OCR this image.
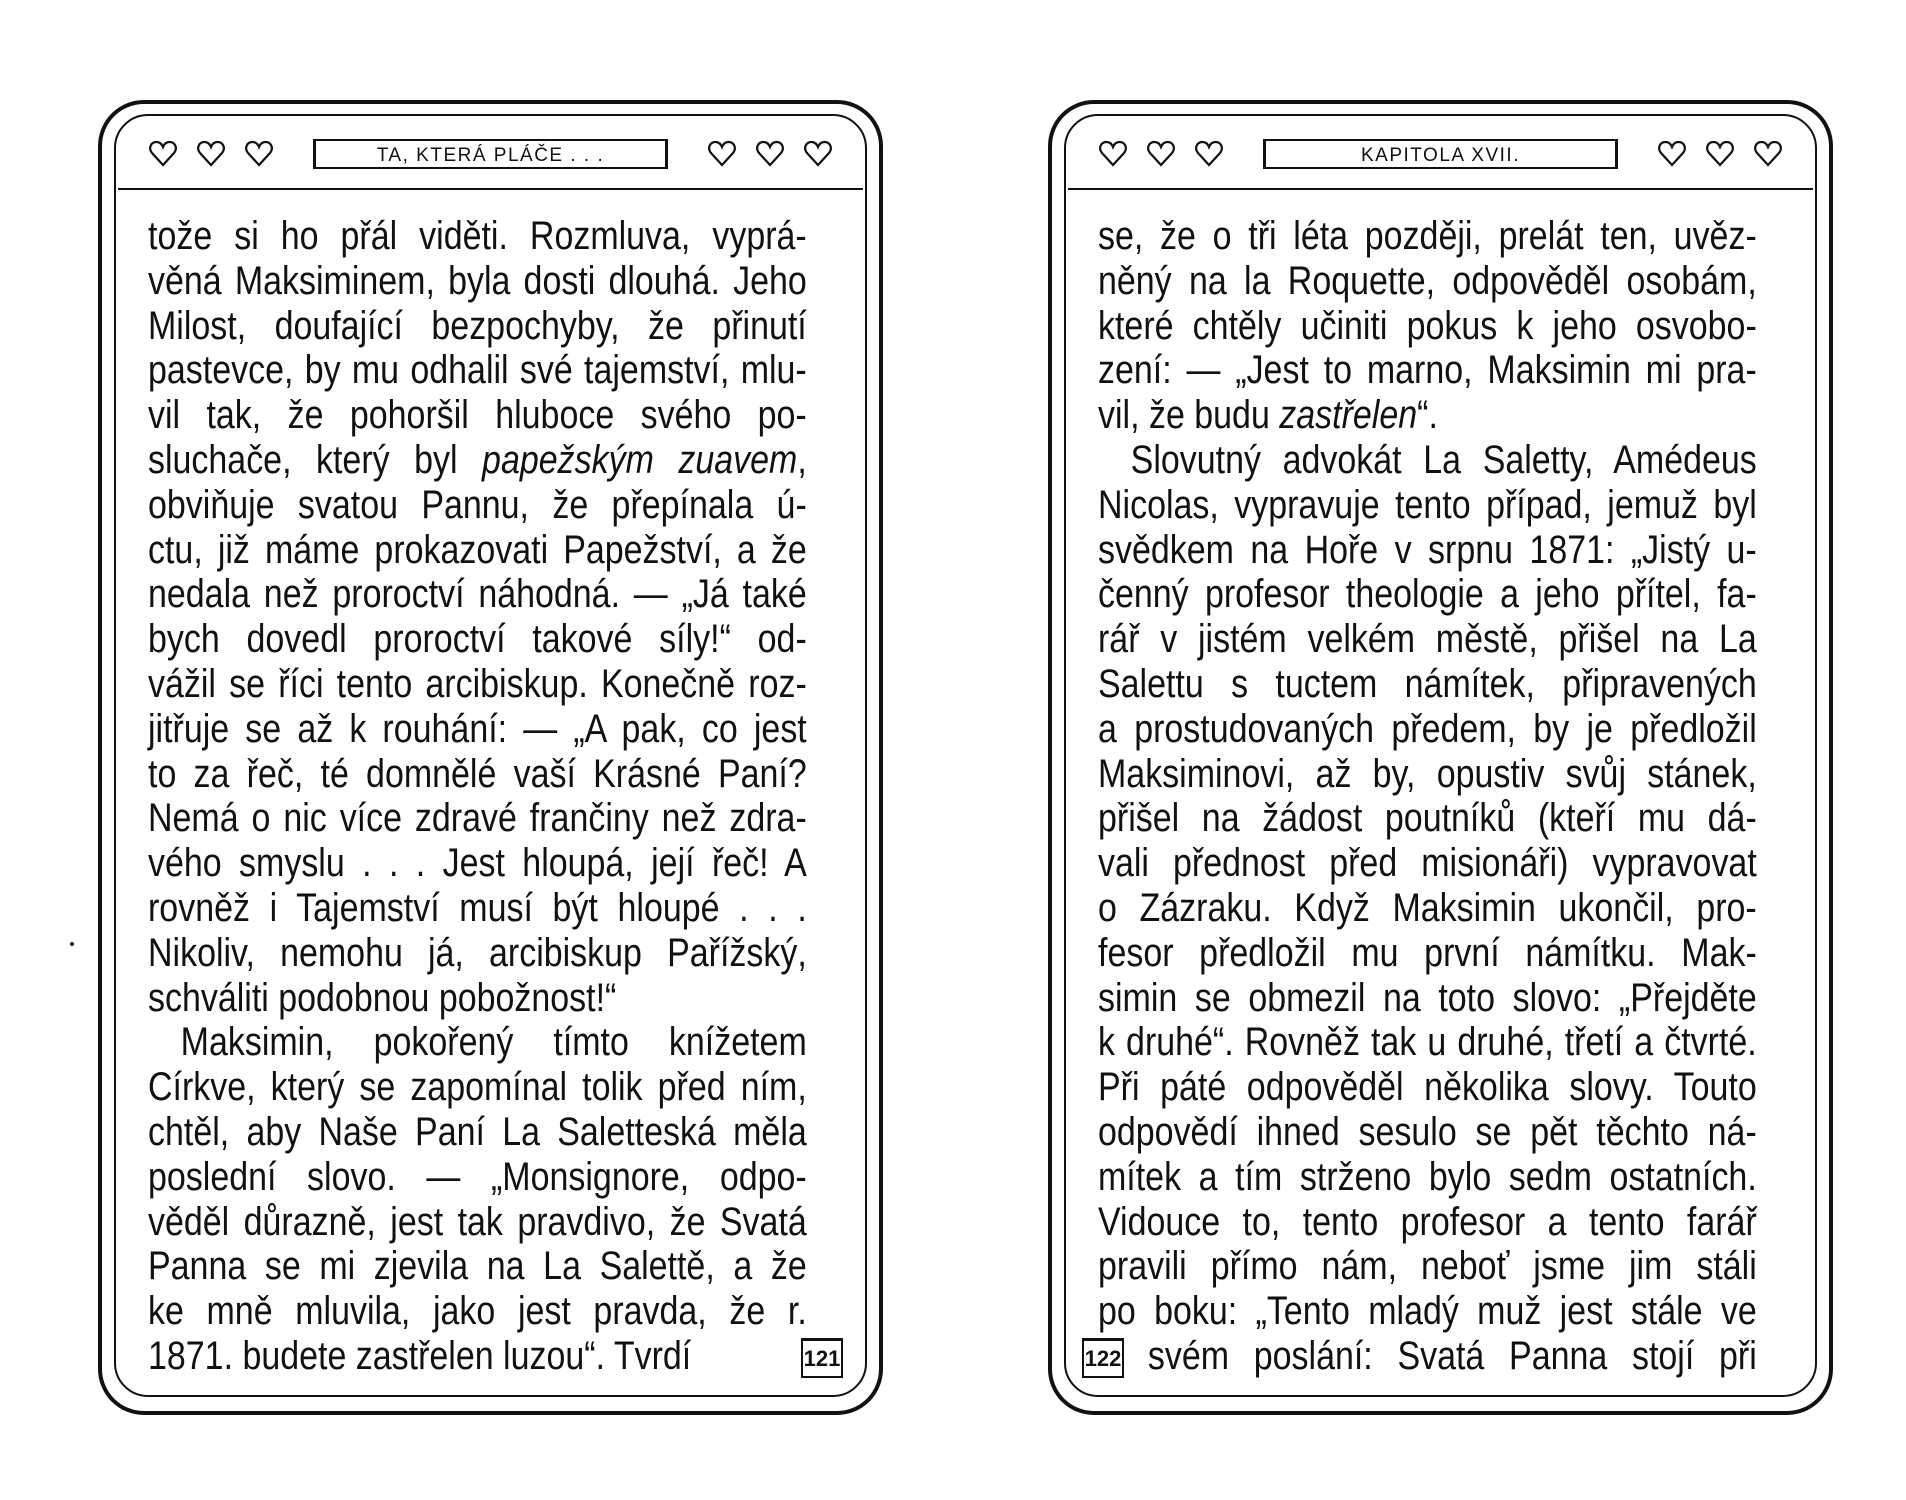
TA, KTERÁ PLÁČE . . .
tože si ho přál viděti. Rozmluva, vyprá-
věná Maksiminem, byla dosti dlouhá. Jeho
Milost, doufající bezpochyby, že přinutí
pastevce, by mu odhalil své tajemství, mlu-
vil tak, že pohoršil hluboce svého po-
sluchače, který byl papežským zuavem,
obviňuje svatou Pannu, že přepínala ú-
ctu, již máme prokazovati Papežství, a že
nedala než proroctví náhodná. — „Já také
bych dovedl proroctví takové síly!“ od-
vážil se říci tento arcibiskup. Konečně roz-
jitřuje se až k rouhání: — „A pak, co jest
to za řeč, té domnělé vaší Krásné Paní?
Nemá o nic více zdravé frančiny než zdra-
vého smyslu . . . Jest hloupá, její řeč! A
rovněž i Tajemství musí být hloupé . . .
Nikoliv, nemohu já, arcibiskup Pařížský,
schváliti podobnou pobožnost!“
Maksimin, pokořený tímto knížetem
Církve, který se zapomínal tolik před ním,
chtěl, aby Naše Paní La Saletteská měla
poslední slovo. — „Monsignore, odpo-
věděl důrazně, jest tak pravdivo, že Svatá
Panna se mi zjevila na La Salettě, a že
ke mně mluvila, jako jest pravda, že r.
1871. budete zastřelen luzou“. Tvrdí	121
KAPITOLA XVII.
se, že o tři léta později, prelát ten, uvěz-
něný na la Roquette, odpověděl osobám,
které chtěly učiniti pokus k jeho osvobo-
zení: — „Jest to marno, Maksimin mi pra-
vil, že budu zastřelen“.
Slovutný advokát La Saletty, Amédeus
Nicolas, vypravuje tento případ, jemuž byl
svědkem na Hoře v srpnu 1871: „Jistý u-
čenný profesor theologie a jeho přítel, fa-
rář v jistém velkém městě, přišel na La
Salettu s tuctem námítek, připravených
a prostudovaných předem, by je předložil
Maksiminovi, až by, opustiv svůj stánek,
přišel na žádost poutníků (kteří mu dá-
vali přednost před misionáři) vypravovat
o Zázraku. Když Maksimin ukončil, pro-
fesor předložil mu první námítku. Mak-
simin se obmezil na toto slovo: „Přejděte
k druhé“. Rovněž tak u druhé, třetí a čtvrté.
Při páté odpověděl několika slovy. Touto
odpovědí ihned sesulo se pět těchto ná-
mítek a tím strženo bylo sedm ostatních.
Vidouce to, tento profesor a tento farář
pravili přímo nám, neboť jsme jim stáli
po boku: „Tento mladý muž jest stále ve
svém poslání: Svatá Panna stojí při
122
